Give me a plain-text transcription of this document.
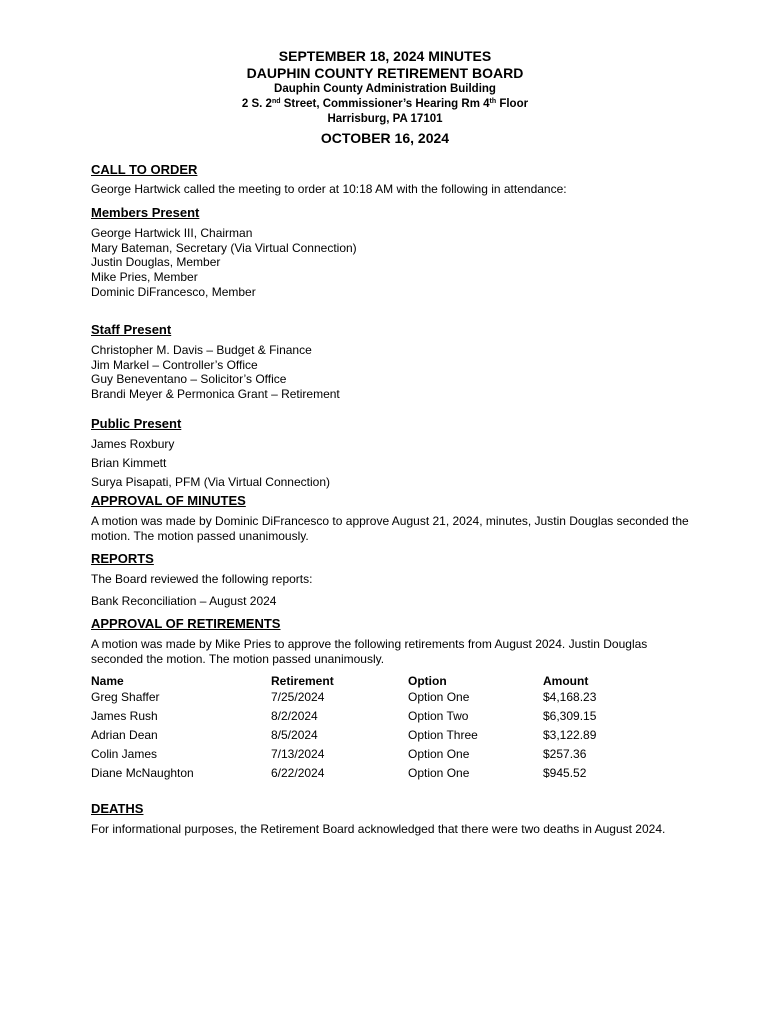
SEPTEMBER 18, 2024 MINUTES
DAUPHIN COUNTY RETIREMENT BOARD
Dauphin County Administration Building
2 S. 2nd Street, Commissioner’s Hearing Rm 4th Floor
Harrisburg, PA 17101
OCTOBER 16, 2024
CALL TO ORDER
George Hartwick called the meeting to order at 10:18 AM with the following in attendance:
Members Present
George Hartwick III, Chairman
Mary Bateman, Secretary (Via Virtual Connection)
Justin Douglas, Member
Mike Pries, Member
Dominic DiFrancesco, Member
Staff Present
Christopher M. Davis – Budget & Finance
Jim Markel – Controller’s Office
Guy Beneventano – Solicitor’s Office
Brandi Meyer & Permonica Grant – Retirement
Public Present
James Roxbury
Brian Kimmett
Surya Pisapati, PFM (Via Virtual Connection)
APPROVAL OF MINUTES
A motion was made by Dominic DiFrancesco to approve August 21, 2024, minutes, Justin Douglas seconded the motion. The motion passed unanimously.
REPORTS
The Board reviewed the following reports:
Bank Reconciliation – August 2024
APPROVAL OF RETIREMENTS
A motion was made by Mike Pries to approve the following retirements from August 2024. Justin Douglas seconded the motion. The motion passed unanimously.
Name	Retirement	Option	Amount
Greg Shaffer	7/25/2024	Option One	$4,168.23
James Rush	8/2/2024	Option Two	$6,309.15
Adrian Dean	8/5/2024	Option Three	$3,122.89
Colin James	7/13/2024	Option One	$257.36
Diane McNaughton	6/22/2024	Option One	$945.52
DEATHS
For informational purposes, the Retirement Board acknowledged that there were two deaths in August 2024.
